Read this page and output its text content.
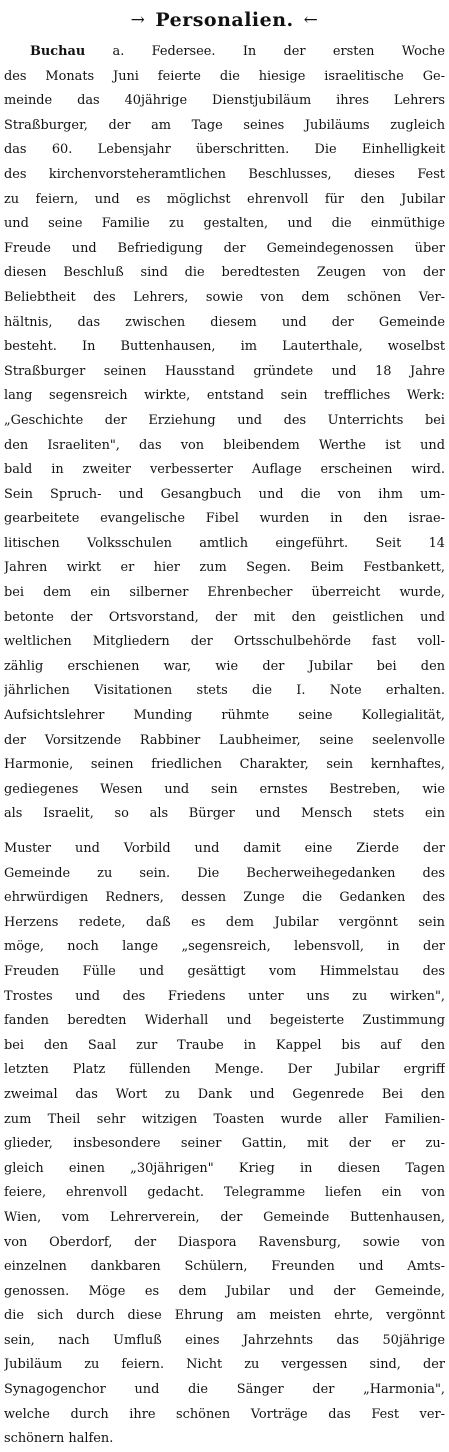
→ Personalien. ←
Buchau a. Federsee. In der ersten Woche
des Monats Juni feierte die hiesige israelitische Ge-
meinde das 40jährige Dienstjubiläum ihres Lehrers
Straßburger, der am Tage seines Jubiläums zugleich
das 60. Lebensjahr überschritten. Die Einhelligkeit
des kirchenvorsteheramtlichen Beschlusses, dieses Fest
zu feiern, und es möglichst ehrenvoll für den Jubilar
und seine Familie zu gestalten, und die einmüthige
Freude und Befriedigung der Gemeindegenossen über
diesen Beschluß sind die beredtesten Zeugen von der
Beliebtheit des Lehrers, sowie von dem schönen Ver-
hältnis, das zwischen diesem und der Gemeinde
besteht. In Buttenhausen, im Lauterthale, woselbst
Straßburger seinen Hausstand gründete und 18 Jahre
lang segensreich wirkte, entstand sein treffliches Werk:
„Geschichte der Erziehung und des Unterrichts bei
den Israeliten", das von bleibendem Werthe ist und
bald in zweiter verbesserter Auflage erscheinen wird.
Sein Spruch- und Gesangbuch und die von ihm um-
gearbeitete evangelische Fibel wurden in den israe-
litischen Volksschulen amtlich eingeführt. Seit 14
Jahren wirkt er hier zum Segen. Beim Festbankett,
bei dem ein silberner Ehrenbecher überreicht wurde,
betonte der Ortsvorstand, der mit den geistlichen und
weltlichen Mitgliedern der Ortsschulbehörde fast voll-
zählig erschienen war, wie der Jubilar bei den
jährlichen Visitationen stets die I. Note erhalten.
Aufsichtslehrer Munding rühmte seine Kollegialität,
der Vorsitzende Rabbiner Laubheimer, seine seelenvolle
Harmonie, seinen friedlichen Charakter, sein kernhaftes,
gediegenes Wesen und sein ernstes Bestreben, wie
als Israelit, so als Bürger und Mensch stets ein
Muster und Vorbild und damit eine Zierde der
Gemeinde zu sein. Die Becherweihegedanken des
ehrwürdigen Redners, dessen Zunge die Gedanken des
Herzens redete, daß es dem Jubilar vergönnt sein
möge, noch lange „segensreich, lebensvoll, in der
Freuden Fülle und gesättigt vom Himmelstau des
Trostes und des Friedens unter uns zu wirken",
fanden beredten Widerhall und begeisterte Zustimmung
bei den Saal zur Traube in Kappel bis auf den
letzten Platz füllenden Menge. Der Jubilar ergriff
zweimal das Wort zu Dank und Gegenrede Bei den
zum Theil sehr witzigen Toasten wurde aller Familien-
glieder, insbesondere seiner Gattin, mit der er zu-
gleich einen „30jährigen" Krieg in diesen Tagen
feiere, ehrenvoll gedacht. Telegramme liefen ein von
Wien, vom Lehrerverein, der Gemeinde Buttenhausen,
von Oberdorf, der Diaspora Ravensburg, sowie von
einzelnen dankbaren Schülern, Freunden und Amts-
genossen. Möge es dem Jubilar und der Gemeinde,
die sich durch diese Ehrung am meisten ehrte, vergönnt
sein, nach Umfluß eines Jahrzehnts das 50jährige
Jubiläum zu feiern. Nicht zu vergessen sind, der
Synagogenchor und die Sänger der „Harmonia",
welche durch ihre schönen Vorträge das Fest ver-
schönern halfen.
